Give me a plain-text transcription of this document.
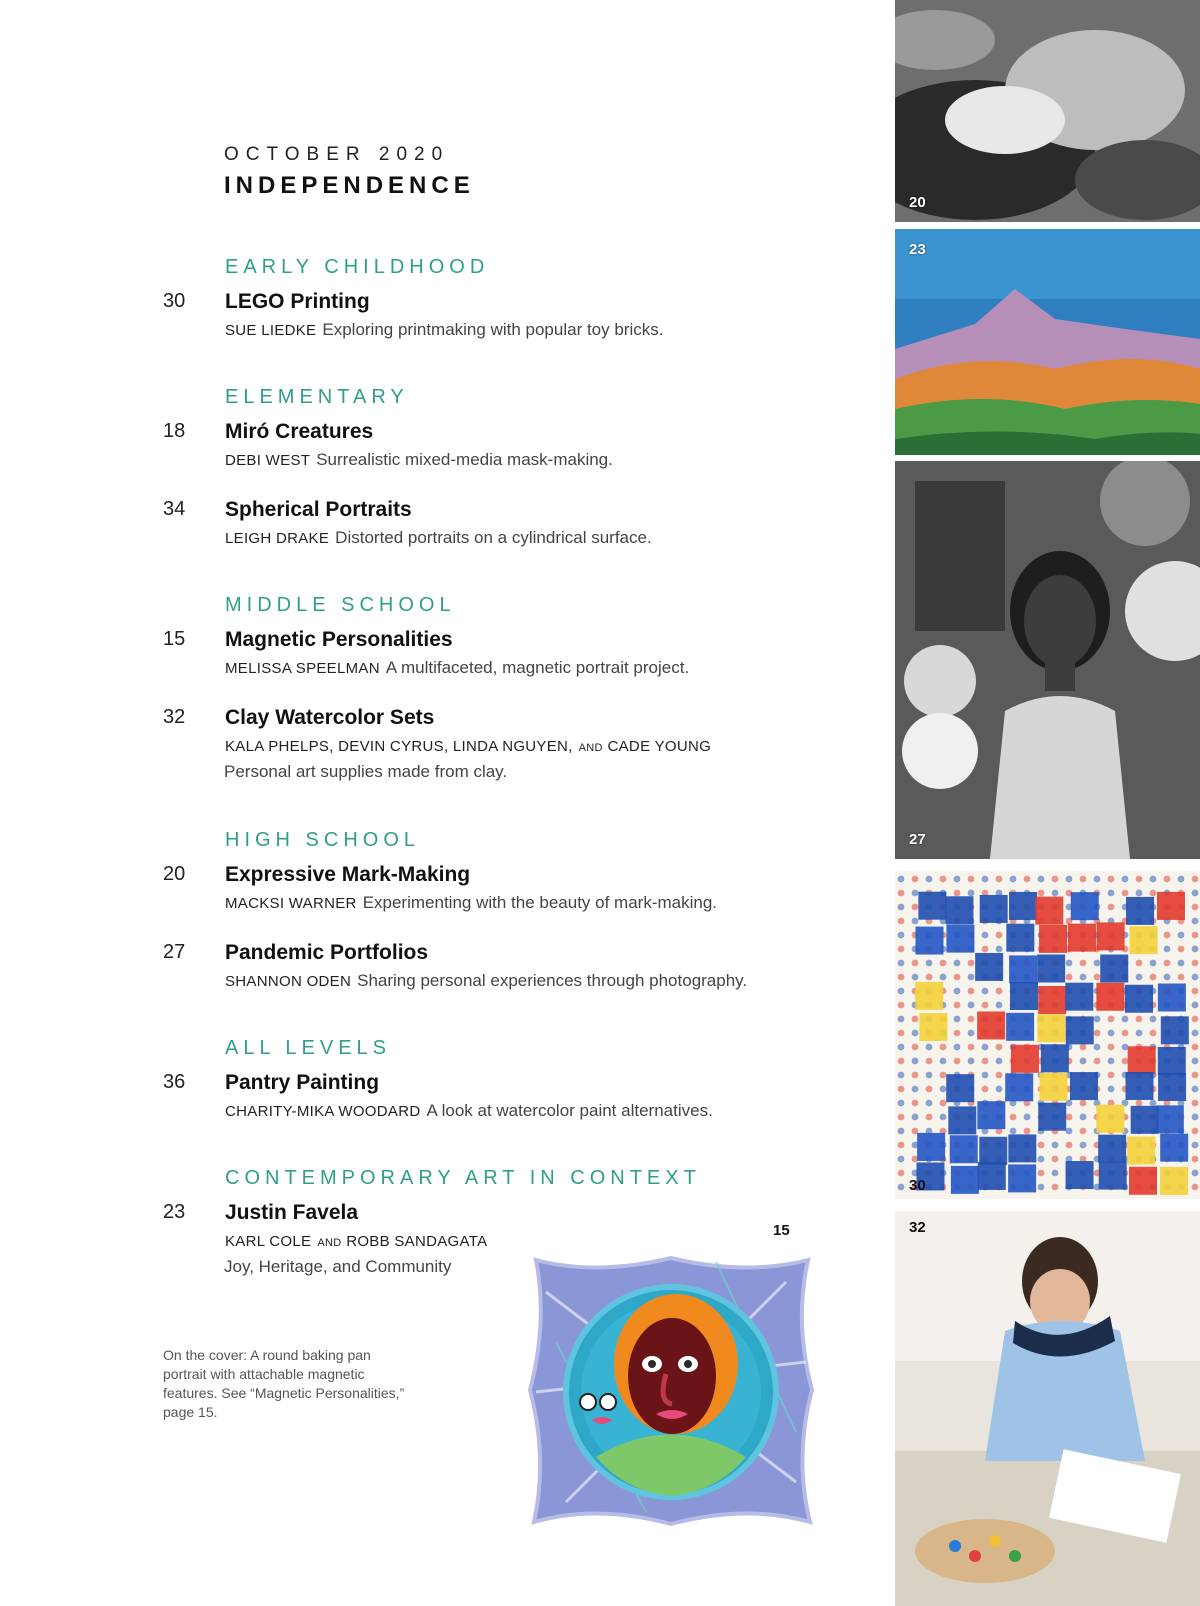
OCTOBER 2020
INDEPENDENCE
EARLY CHILDHOOD
30 LEGO Printing
SUE LIEDKE Exploring printmaking with popular toy bricks.
ELEMENTARY
18 Miró Creatures
DEBI WEST Surrealistic mixed-media mask-making.
34 Spherical Portraits
LEIGH DRAKE Distorted portraits on a cylindrical surface.
MIDDLE SCHOOL
15 Magnetic Personalities
MELISSA SPEELMAN A multifaceted, magnetic portrait project.
32 Clay Watercolor Sets
KALA PHELPS, DEVIN CYRUS, LINDA NGUYEN, AND CADE YOUNG
Personal art supplies made from clay.
HIGH SCHOOL
20 Expressive Mark-Making
MACKSI WARNER Experimenting with the beauty of mark-making.
27 Pandemic Portfolios
SHANNON ODEN Sharing personal experiences through photography.
ALL LEVELS
36 Pantry Painting
CHARITY-MIKA WOODARD A look at watercolor paint alternatives.
CONTEMPORARY ART IN CONTEXT
23 Justin Favela
KARL COLE AND ROBB SANDAGATA
Joy, Heritage, and Community
On the cover: A round baking pan portrait with attachable magnetic features. See “Magnetic Personalities,” page 15.
15
20
23
27
30
32
